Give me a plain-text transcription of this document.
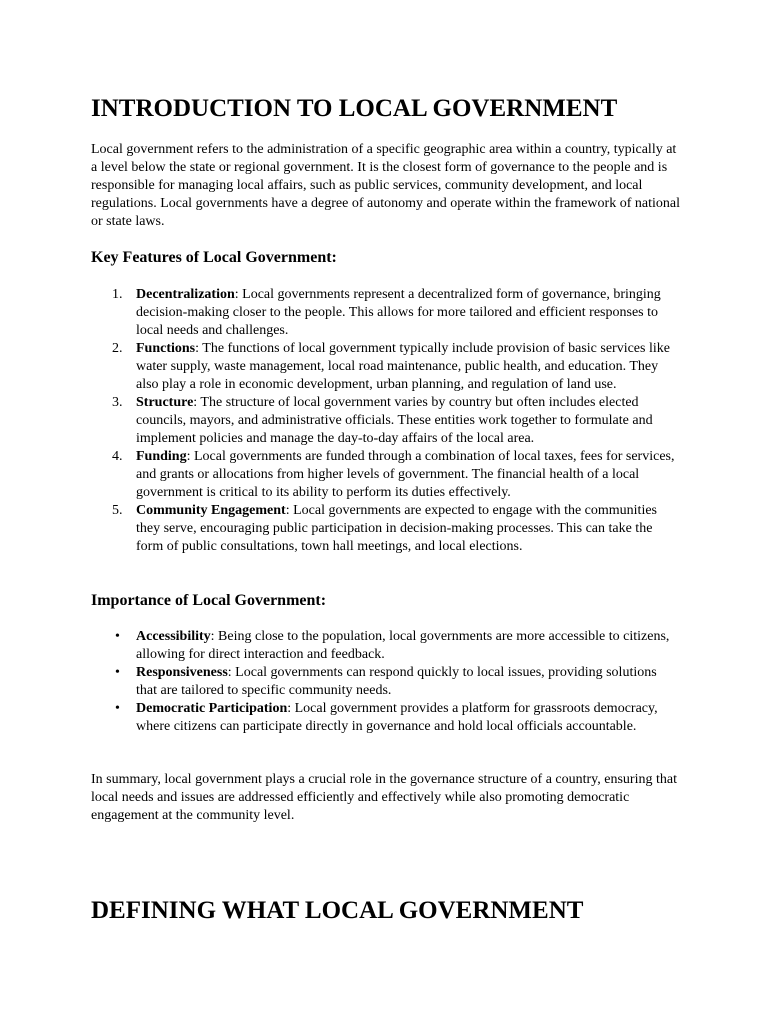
INTRODUCTION TO LOCAL GOVERNMENT

Local government refers to the administration of a specific geographic area within a country, typically at a level below the state or regional government. It is the closest form of governance to the people and is responsible for managing local affairs, such as public services, community development, and local regulations. Local governments have a degree of autonomy and operate within the framework of national or state laws.

Key Features of Local Government:
1. Decentralization: Local governments represent a decentralized form of governance, bringing decision-making closer to the people. This allows for more tailored and efficient responses to local needs and challenges.
2. Functions: The functions of local government typically include provision of basic services like water supply, waste management, local road maintenance, public health, and education. They also play a role in economic development, urban planning, and regulation of land use.
3. Structure: The structure of local government varies by country but often includes elected councils, mayors, and administrative officials. These entities work together to formulate and implement policies and manage the day-to-day affairs of the local area.
4. Funding: Local governments are funded through a combination of local taxes, fees for services, and grants or allocations from higher levels of government. The financial health of a local government is critical to its ability to perform its duties effectively.
5. Community Engagement: Local governments are expected to engage with the communities they serve, encouraging public participation in decision-making processes. This can take the form of public consultations, town hall meetings, and local elections.
Importance of Local Government:
•	Accessibility: Being close to the population, local governments are more accessible to citizens, allowing for direct interaction and feedback.
•	Responsiveness: Local governments can respond quickly to local issues, providing solutions that are tailored to specific community needs.
•	Democratic Participation: Local government provides a platform for grassroots democracy, where citizens can participate directly in governance and hold local officials accountable.

In summary, local government plays a crucial role in the governance structure of a country, ensuring that local needs and issues are addressed efficiently and effectively while also promoting democratic engagement at the community level.

DEFINING WHAT LOCAL GOVERNMENT
